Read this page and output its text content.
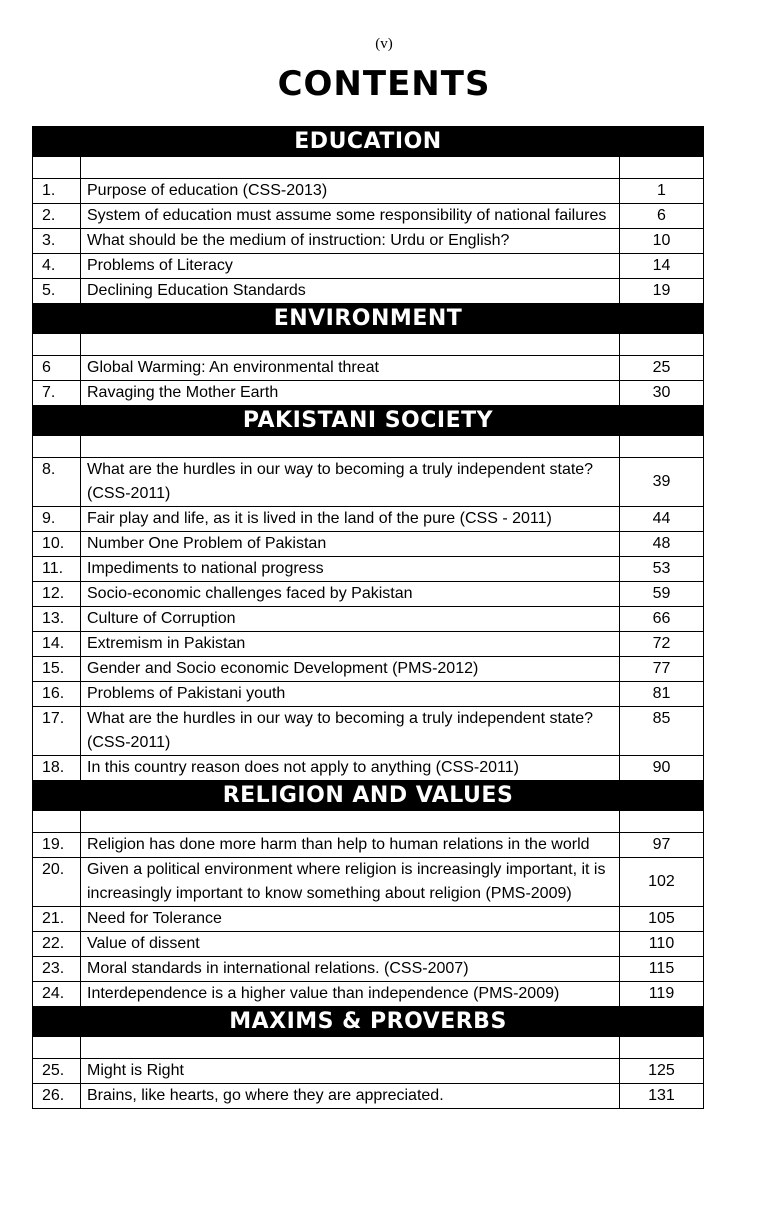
(v)
CONTENTS
EDUCATION		

1.	Purpose of education (CSS-2013)	1
2.	System of education must assume some responsibility of national failures	6
3.	What should be the medium of instruction: Urdu or English?	10
4.	Problems of Literacy	14
5.	Declining Education Standards	19
ENVIRONMENT		

6	Global Warming: An environmental threat	25
7.	Ravaging the Mother Earth	30
PAKISTANI SOCIETY		

8.	What are the hurdles in our way to becoming a truly independent state? (CSS-2011)	39
9.	Fair play and life, as it is lived in the land of the pure (CSS - 2011)	44
10.	Number One Problem of Pakistan	48
11.	Impediments to national progress	53
12.	Socio-economic challenges faced by Pakistan	59
13.	Culture of Corruption	66
14.	Extremism in Pakistan	72
15.	Gender and Socio economic Development (PMS-2012)	77
16.	Problems of Pakistani youth	81
17.	What are the hurdles in our way to becoming a truly independent state? (CSS-2011)	85
18.	In this country reason does not apply to anything (CSS-2011)	90
RELIGION AND VALUES		

19.	Religion has done more harm than help to human relations in the world	97
20.	Given a political environment where religion is increasingly important, it is increasingly important to know something about religion (PMS-2009)	102
21.	Need for Tolerance	105
22.	Value of dissent	110
23.	Moral standards in international relations. (CSS-2007)	115
24.	Interdependence is a higher value than independence (PMS-2009)	119
MAXIMS & PROVERBS		

25.	Might is Right	125
26.	Brains, like hearts, go where they are appreciated.	131
